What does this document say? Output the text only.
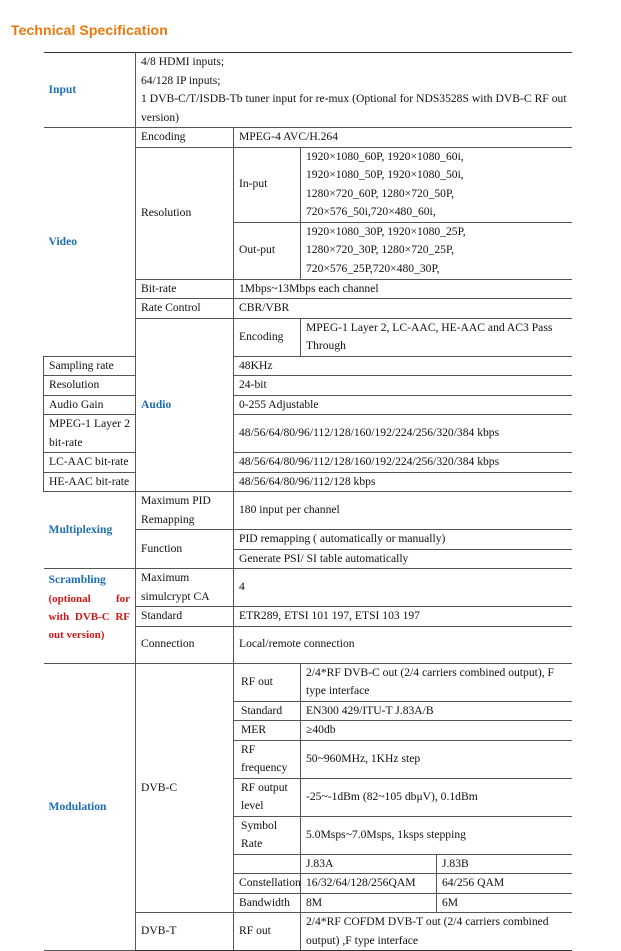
Technical Specification
Input	4/8 HDMI inputs;
64/128 IP inputs;
1 DVB-C/T/ISDB-Tb tuner input for re-mux (Optional for NDS3528S with DVB-C RF out version)			

Video	Encoding	MPEG-4 AVC/H.264		
	Resolution	In-put	1920×1080_60P, 1920×1080_60i,
1920×1080_50P, 1920×1080_50i,
1280×720_60P, 1280×720_50P,
720×576_50i,720×480_60i,	

		Out-put	1920×1080_30P, 1920×1080_25P,
1280×720_30P, 1280×720_25P,
720×576_25P,720×480_30P,	

	Bit-rate	1Mbps~13Mbps each channel		
	Rate Control	CBR/VBR		
	Audio	Encoding	MPEG-1 Layer 2, LC-AAC, HE-AAC and AC3 Pass Through	
Sampling rate		48KHz		
Resolution		24-bit		
Audio Gain		0-255 Adjustable		
MPEG-1 Layer 2 bit-rate		48/56/64/80/96/112/128/160/192/224/256/320/384 kbps		
LC-AAC bit-rate		48/56/64/80/96/112/128/160/192/224/256/320/384 kbps		
HE-AAC bit-rate		48/56/64/80/96/112/128 kbps		
Multiplexing	Maximum PID Remapping	180 input per channel		
	Function	PID remapping ( automatically or manually)		
		Generate PSI/ SI table automatically		

Scrambling
(optional for with DVB-C RF out version)	Maximum simulcrypt CA	4		
	Standard	ETR289, ETSI 101 197, ETSI 103 197		
	Connection	Local/remote connection		
Modulation	DVB-C	RF out	2/4*RF DVB-C out (2/4 carriers combined output), F type interface	
		Standard	EN300 429/ITU-T J.83A/B	
		MER	≥40db	
		RF frequency	50~960MHz, 1KHz step	
		RF output level	-25~-1dBm (82~105 dbμV), 0.1dBm	
		Symbol Rate	5.0Msps~7.0Msps, 1ksps stepping	
			J.83A	J.83B
		Constellation	16/32/64/128/256QAM	64/256 QAM
		Bandwidth	8M	6M
	DVB-T	RF out	2/4*RF COFDM DVB-T out (2/4 carriers combined output) ,F type interface	
